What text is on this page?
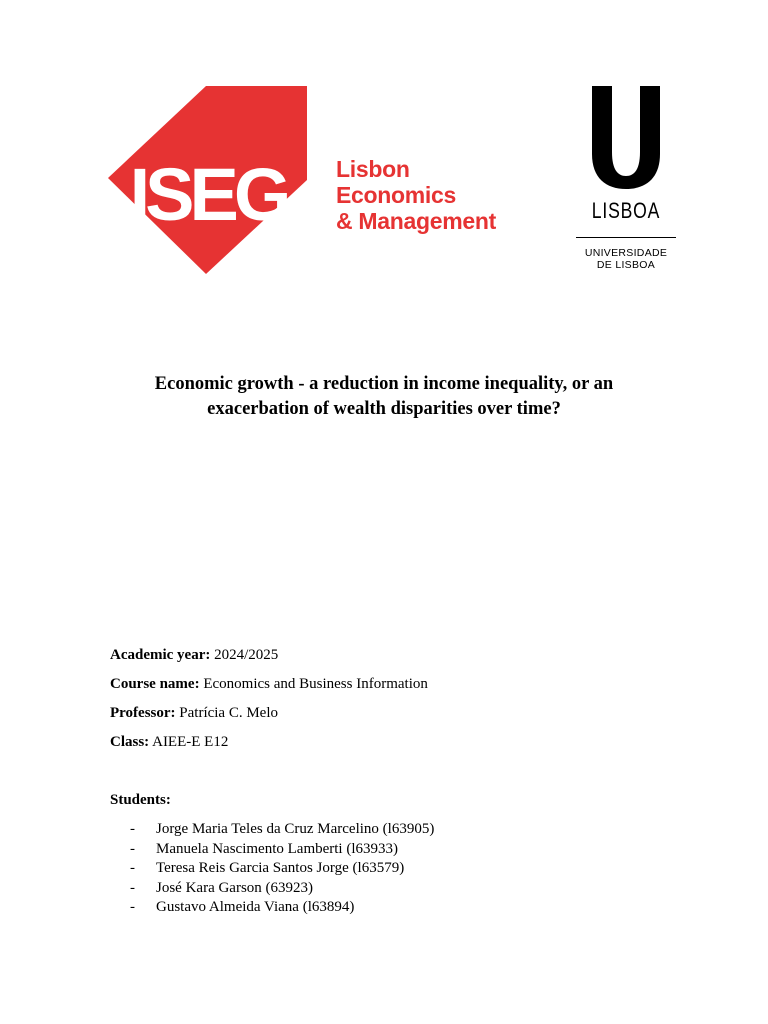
ISEG Lisbon
Economics
& Management	LISBOA
UNIVERSIDADE
DE LISBOA
Economic growth - a reduction in income inequality, or an
exacerbation of wealth disparities over time?
Academic year: 2024/2025
Course name: Economics and Business Information
Professor: Patrícia C. Melo
Class: AIEE-E E12
Students:
- Jorge Maria Teles da Cruz Marcelino (l63905)
- Manuela Nascimento Lamberti (l63933)
- Teresa Reis Garcia Santos Jorge (l63579)
- José Kara Garson (63923)
- Gustavo Almeida Viana (l63894)
